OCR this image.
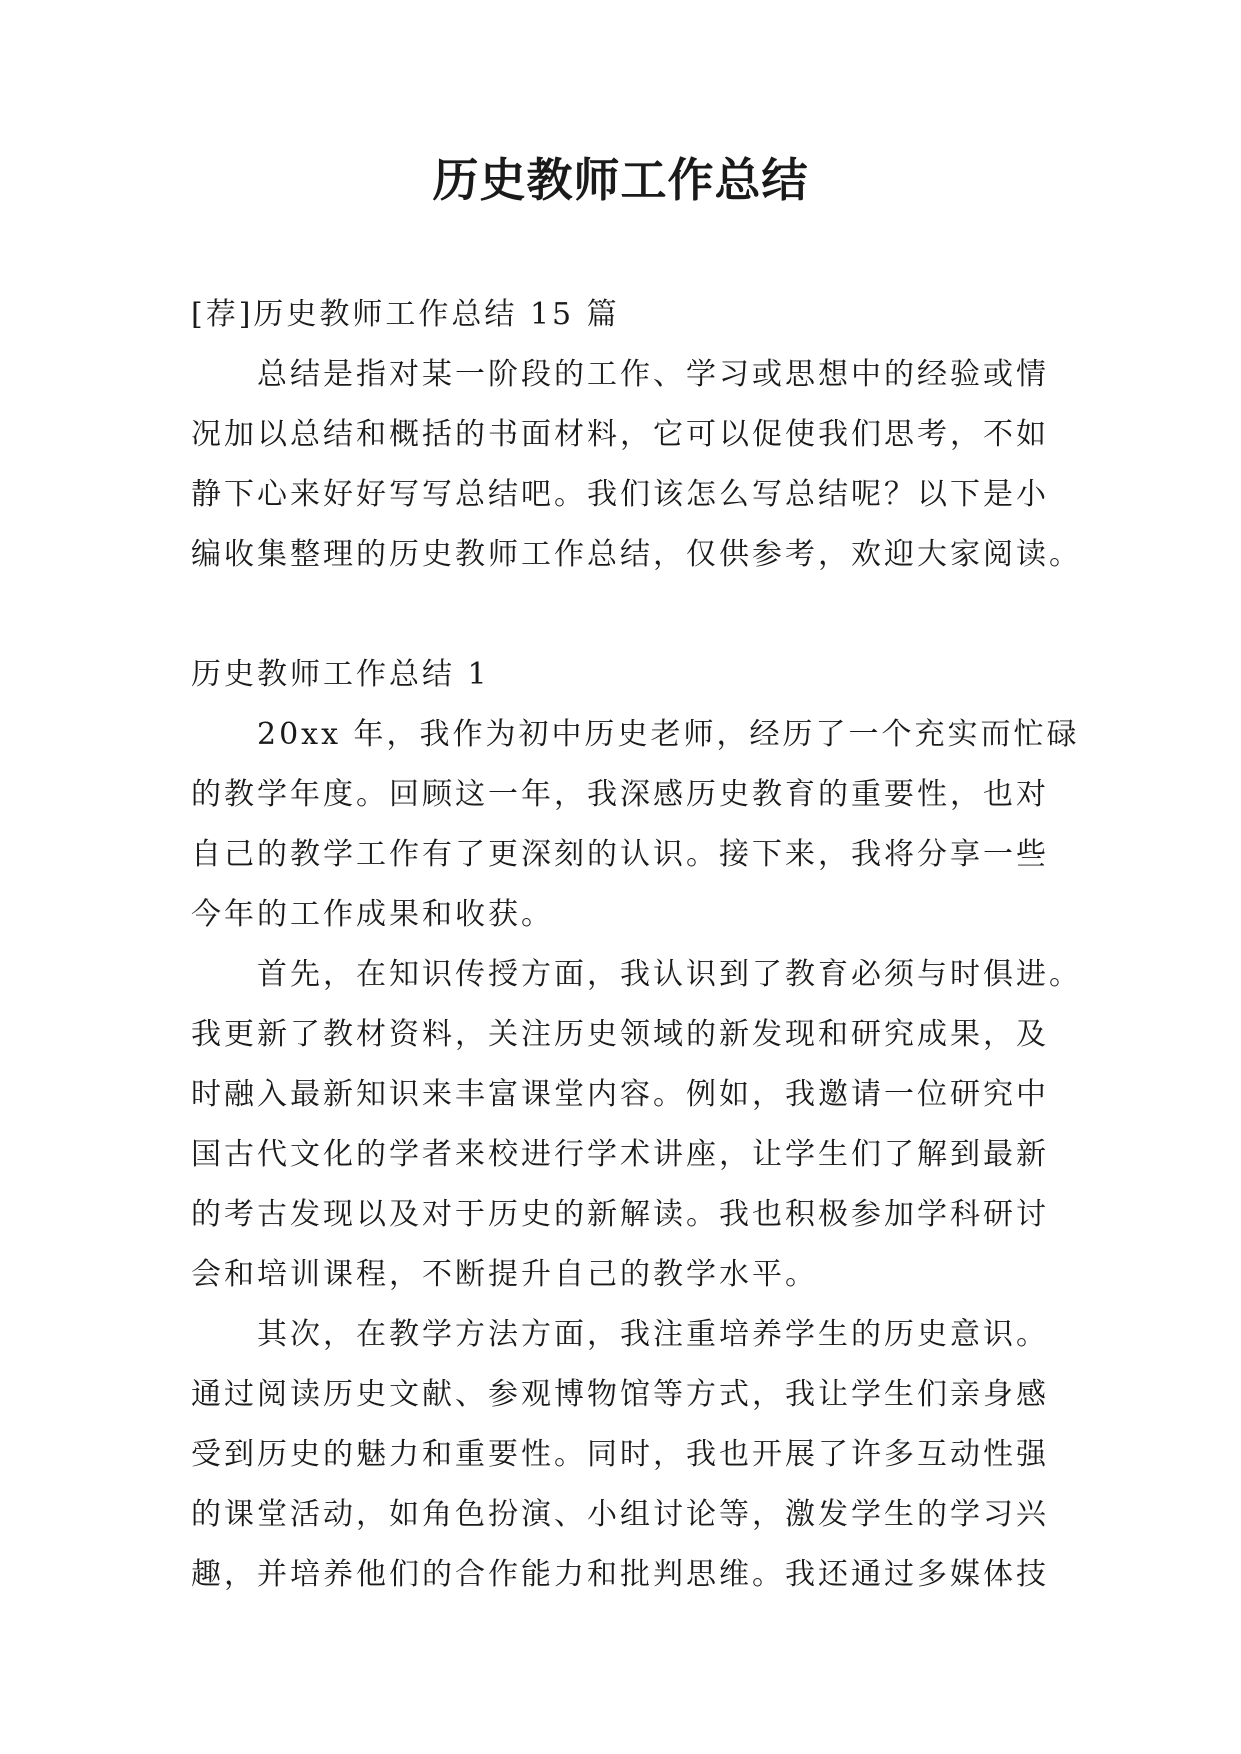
历史教师工作总结
[荐]历史教师工作总结 15 篇
　　总结是指对某一阶段的工作、学习或思想中的经验或情
况加以总结和概括的书面材料，它可以促使我们思考，不如
静下心来好好写写总结吧。我们该怎么写总结呢？以下是小
编收集整理的历史教师工作总结，仅供参考，欢迎大家阅读。
历史教师工作总结 1
　　20xx 年，我作为初中历史老师，经历了一个充实而忙碌
的教学年度。回顾这一年，我深感历史教育的重要性，也对
自己的教学工作有了更深刻的认识。接下来，我将分享一些
今年的工作成果和收获。
　　首先，在知识传授方面，我认识到了教育必须与时俱进。
我更新了教材资料，关注历史领域的新发现和研究成果，及
时融入最新知识来丰富课堂内容。例如，我邀请一位研究中
国古代文化的学者来校进行学术讲座，让学生们了解到最新
的考古发现以及对于历史的新解读。我也积极参加学科研讨
会和培训课程，不断提升自己的教学水平。
　　其次，在教学方法方面，我注重培养学生的历史意识。
通过阅读历史文献、参观博物馆等方式，我让学生们亲身感
受到历史的魅力和重要性。同时，我也开展了许多互动性强
的课堂活动，如角色扮演、小组讨论等，激发学生的学习兴
趣，并培养他们的合作能力和批判思维。我还通过多媒体技
